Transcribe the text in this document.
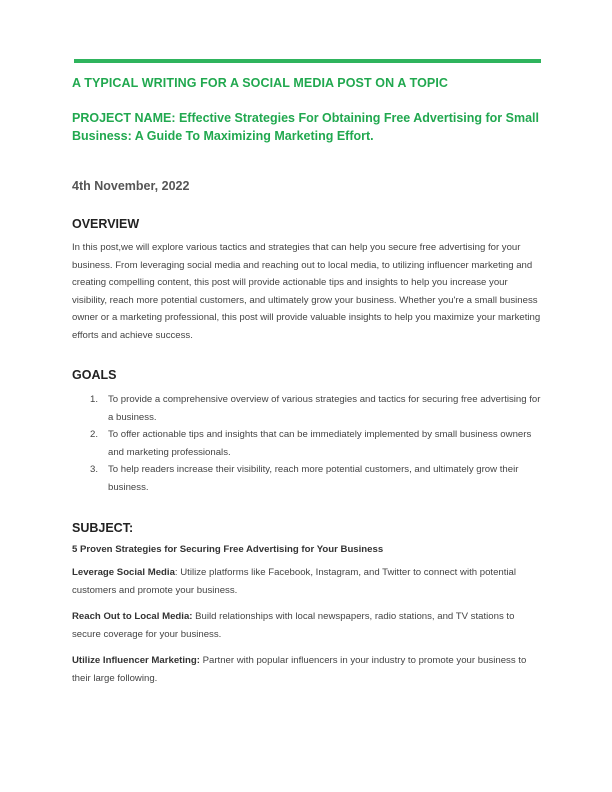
A TYPICAL WRITING FOR A SOCIAL MEDIA POST ON A TOPIC

PROJECT NAME: Effective Strategies For Obtaining Free Advertising for Small Business: A Guide To Maximizing Marketing Effort.

4th November, 2022

OVERVIEW

In this post,we will explore various tactics and strategies that can help you secure free advertising for your business. From leveraging social media and reaching out to local media, to utilizing influencer marketing and creating compelling content, this post will provide actionable tips and insights to help you increase your visibility, reach more potential customers, and ultimately grow your business. Whether you're a small business owner or a marketing professional, this post will provide valuable insights to help you maximize your marketing efforts and achieve success.

GOALS
1. To provide a comprehensive overview of various strategies and tactics for securing free advertising for a business.
2. To offer actionable tips and insights that can be immediately implemented by small business owners and marketing professionals.
3. To help readers increase their visibility, reach more potential customers, and ultimately grow their business.
SUBJECT:

5 Proven Strategies for Securing Free Advertising for Your Business

Leverage Social Media: Utilize platforms like Facebook, Instagram, and Twitter to connect with potential customers and promote your business.

Reach Out to Local Media: Build relationships with local newspapers, radio stations, and TV stations to secure coverage for your business.

Utilize Influencer Marketing: Partner with popular influencers in your industry to promote your business to their large following.
